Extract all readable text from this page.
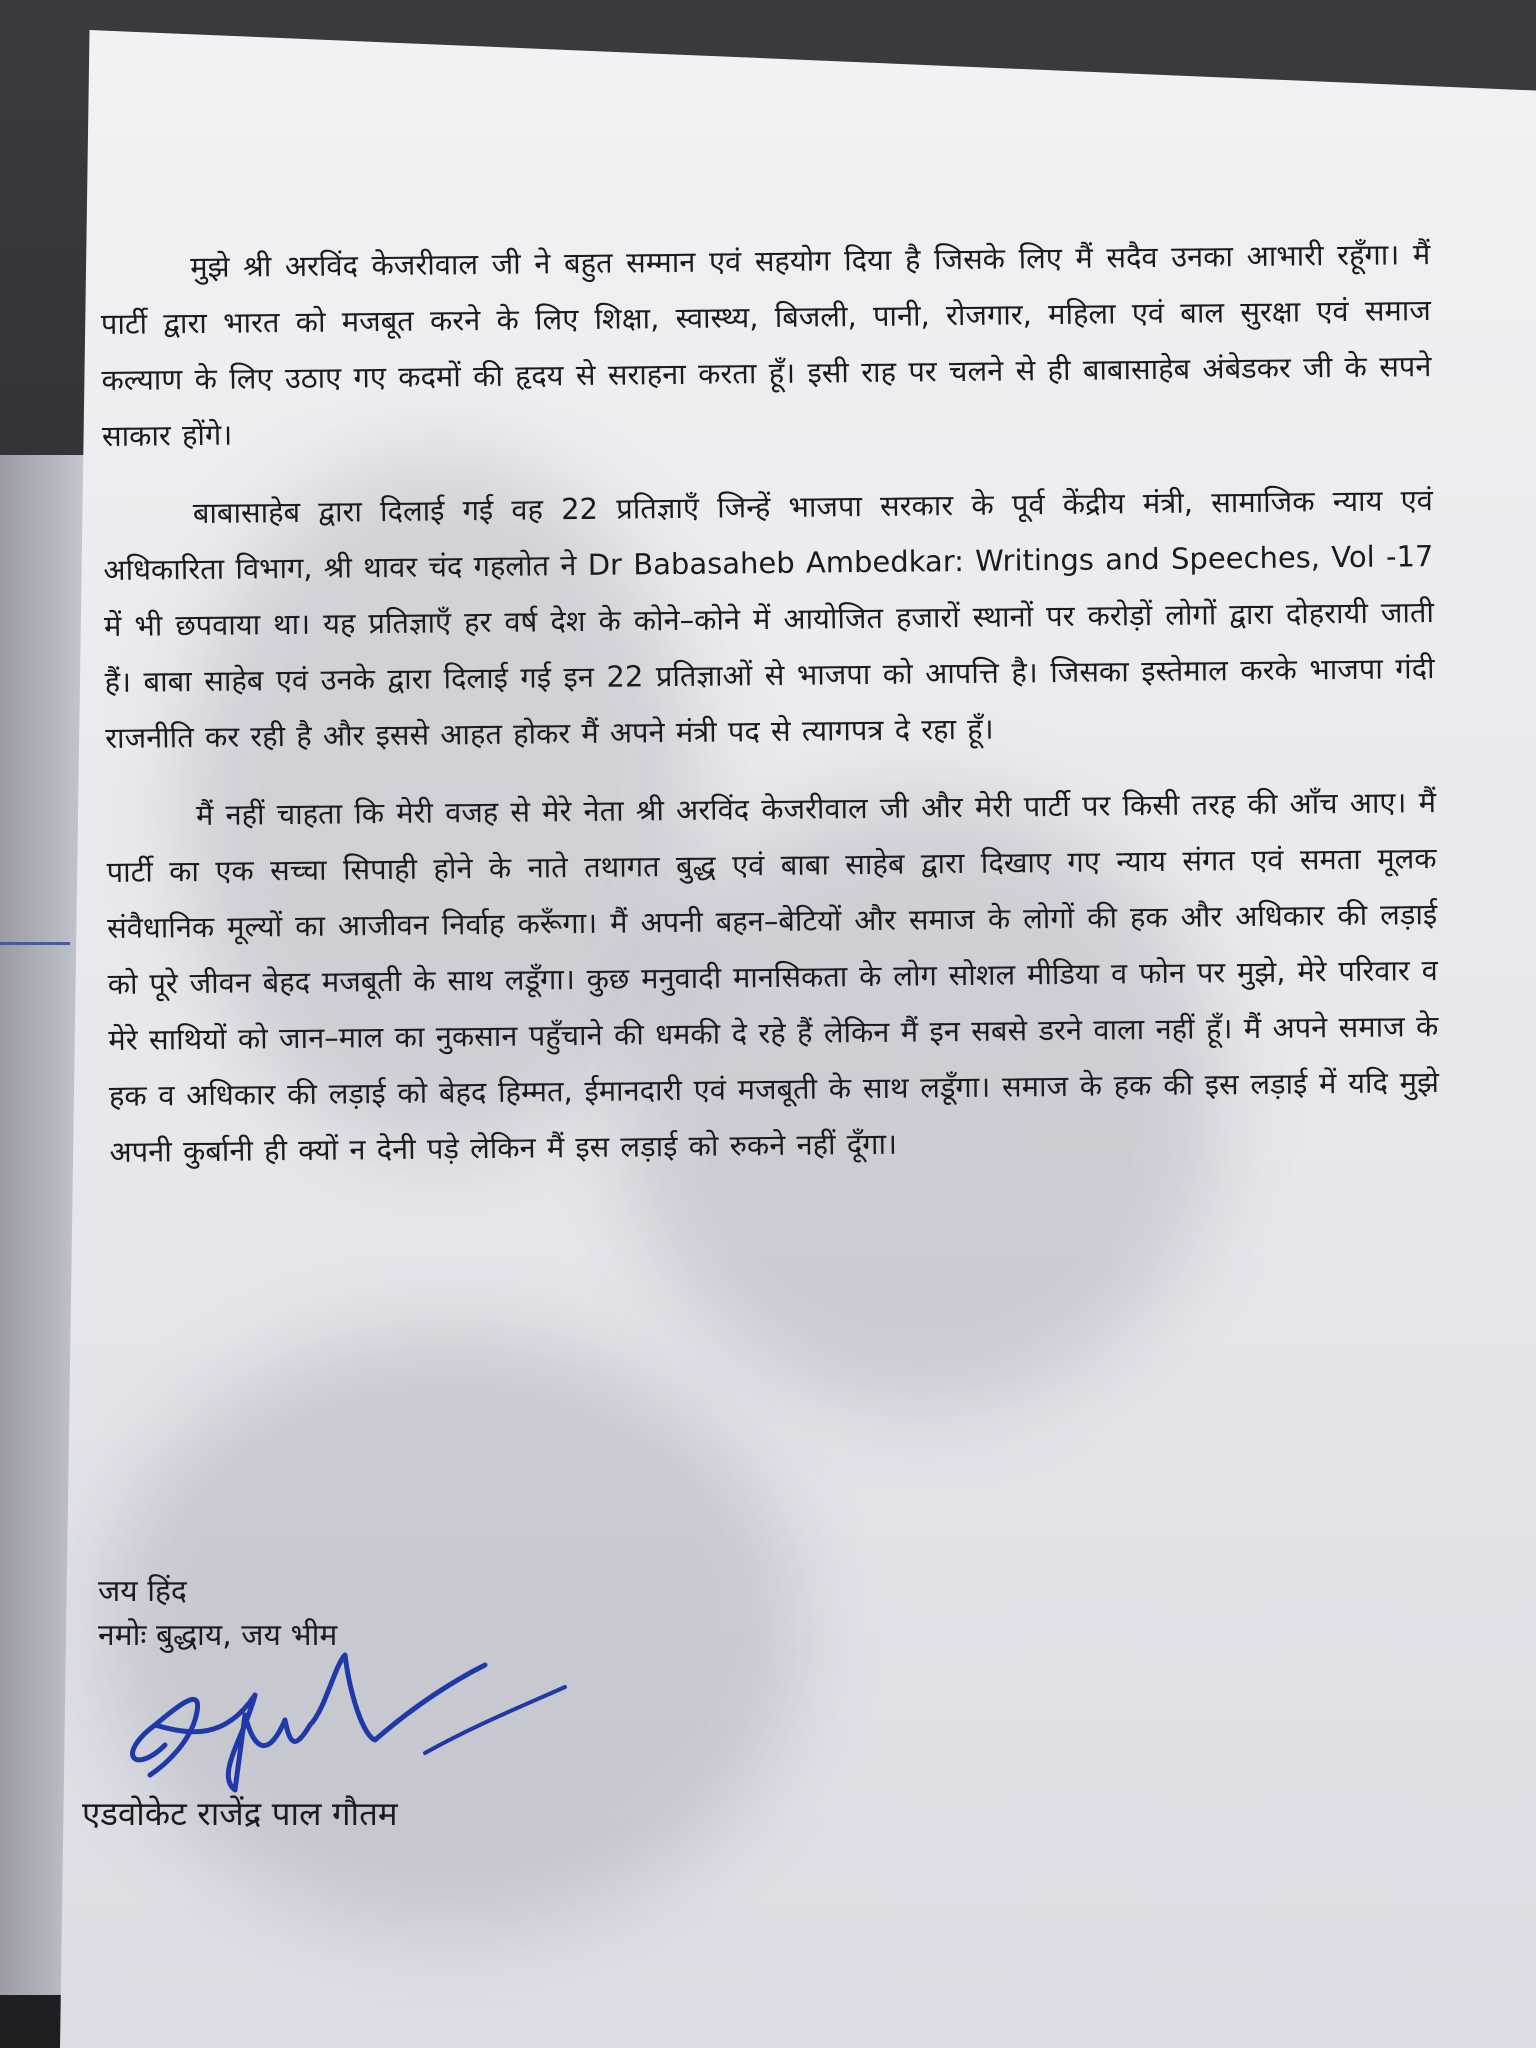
मुझे श्री अरविंद केजरीवाल जी ने बहुत सम्मान एवं सहयोग दिया है जिसके लिए मैं सदैव उनका आभारी रहूँगा। मैं पार्टी द्वारा भारत को मजबूत करने के लिए शिक्षा, स्वास्थ्य, बिजली, पानी, रोजगार, महिला एवं बाल सुरक्षा एवं समाज कल्याण के लिए उठाए गए कदमों की हृदय से सराहना करता हूँ। इसी राह पर चलने से ही बाबासाहेब अंबेडकर जी के सपने साकार होंगे।

बाबासाहेब द्वारा दिलाई गई वह 22 प्रतिज्ञाएँ जिन्हें भाजपा सरकार के पूर्व केंद्रीय मंत्री, सामाजिक न्याय एवं अधिकारिता विभाग, श्री थावर चंद गहलोत ने Dr Babasaheb Ambedkar: Writings and Speeches, Vol -17 में भी छपवाया था। यह प्रतिज्ञाएँ हर वर्ष देश के कोने–कोने में आयोजित हजारों स्थानों पर करोड़ों लोगों द्वारा दोहरायी जाती हैं। बाबा साहेब एवं उनके द्वारा दिलाई गई इन 22 प्रतिज्ञाओं से भाजपा को आपत्ति है। जिसका इस्तेमाल करके भाजपा गंदी राजनीति कर रही है और इससे आहत होकर मैं अपने मंत्री पद से त्यागपत्र दे रहा हूँ।

मैं नहीं चाहता कि मेरी वजह से मेरे नेता श्री अरविंद केजरीवाल जी और मेरी पार्टी पर किसी तरह की आँच आए। मैं पार्टी का एक सच्चा सिपाही होने के नाते तथागत बुद्ध एवं बाबा साहेब द्वारा दिखाए गए न्याय संगत एवं समता मूलक संवैधानिक मूल्यों का आजीवन निर्वाह करूँगा। मैं अपनी बहन–बेटियों और समाज के लोगों की हक और अधिकार की लड़ाई को पूरे जीवन बेहद मजबूती के साथ लडूँगा। कुछ मनुवादी मानसिकता के लोग सोशल मीडिया व फोन पर मुझे, मेरे परिवार व मेरे साथियों को जान–माल का नुकसान पहुँचाने की धमकी दे रहे हैं लेकिन मैं इन सबसे डरने वाला नहीं हूँ। मैं अपने समाज के हक व अधिकार की लड़ाई को बेहद हिम्मत, ईमानदारी एवं मजबूती के साथ लडूँगा। समाज के हक की इस लड़ाई में यदि मुझे अपनी कुर्बानी ही क्यों न देनी पड़े लेकिन मैं इस लड़ाई को रुकने नहीं दूँगा।

जय हिंद
नमोः बुद्धाय, जय भीम
एडवोकेट राजेंद्र पाल गौतम
